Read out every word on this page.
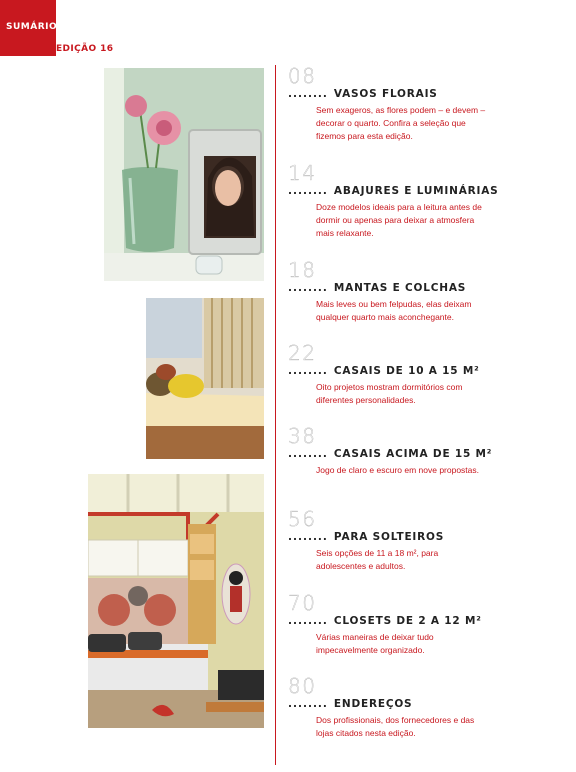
SUMÁRIO
EDIÇÃO 16
08
........ VASOS FLORAIS
Sem exageros, as flores podem – e devem – decorar o quarto. Confira a seleção que fizemos para esta edição.
14
........ ABAJURES E LUMINÁRIAS
Doze modelos ideais para a leitura antes de dormir ou apenas para deixar a atmosfera mais relaxante.
18
........ MANTAS E COLCHAS
Mais leves ou bem felpudas, elas deixam qualquer quarto mais aconchegante.
22
........ CASAIS DE 10 A 15 M²
Oito projetos mostram dormitórios com diferentes personalidades.
38
........ CASAIS ACIMA DE 15 M²
Jogo de claro e escuro em nove propostas.
56
........ PARA SOLTEIROS
Seis opções de 11 a 18 m², para adolescentes e adultos.
70
........ CLOSETS DE 2 A 12 M²
Várias maneiras de deixar tudo impecavelmente organizado.
80
........ ENDEREÇOS
Dos profissionais, dos fornecedores e das lojas citados nesta edição.
